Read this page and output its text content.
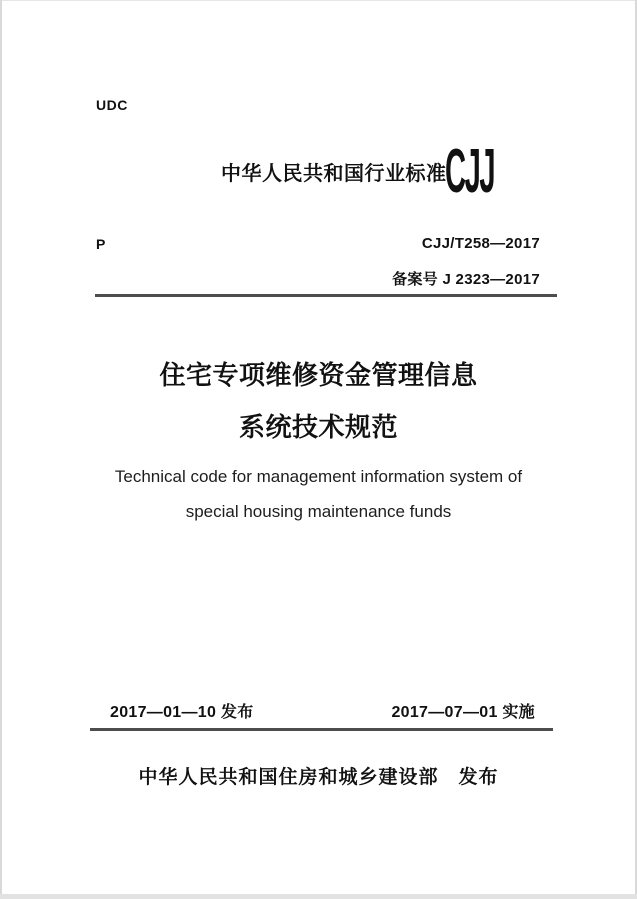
UDC
中华人民共和国行业标准
CJJ
P	CJJ/T258—2017
备案号 J 2323—2017
住宅专项维修资金管理信息
系统技术规范
Technical code for management information system of
special housing maintenance funds
2017—01—10 发布	2017—07—01 实施
中华人民共和国住房和城乡建设部　发布
